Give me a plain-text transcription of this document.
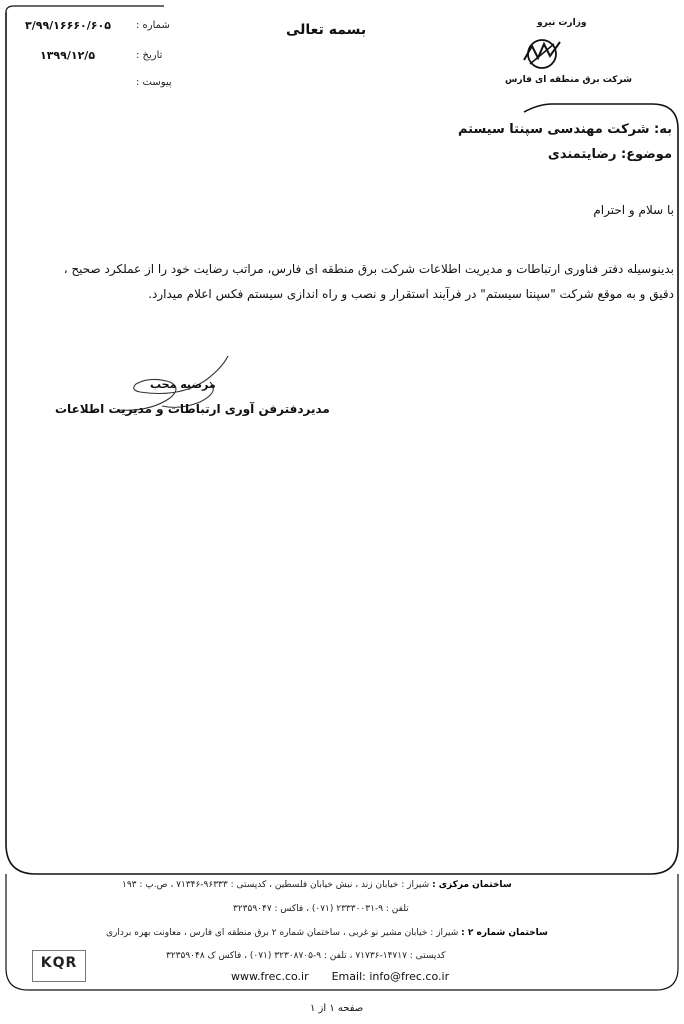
شماره :
۳/۹۹/۱۶۶۶۰/۶۰۵
تاریخ :
۱۳۹۹/۱۲/۵
پیوست :
بسمه تعالی	وزارت نیرو
شرکت برق منطقه ای فارس
به: شرکت مهندسی سپنتا سیستم
موضوع: رضایتمندی
با سلام و احترام
بدینوسیله دفتر فناوری ارتباطات و مدیریت اطلاعات شرکت برق منطقه ای فارس، مراتب رضایت خود را از عملکرد صحیح ،
دقیق و به موقع شرکت "سپنتا سیستم" در فرآیند استقرار و نصب و راه اندازی سیستم فکس اعلام میدارد.
مرضیه محب
مدیردفترفن آوری ارتباطات و مدیریت اطلاعات
ساختمان مرکزی : شیراز : خیابان زند ، نبش خیابان فلسطین ، کدپستی : ۹۶۳۳۳-۷۱۳۴۶ ، ص.پ : ۱۹۳
تلفن : ۹-۲۳۳۳۰۰۳۱ (۰۷۱) ، فاکس : ۳۲۳۵۹۰۴۷
ساختمان شماره ۲ : شیراز : خیابان مشیر نو غربی ، ساختمان شماره ۲ برق منطقه ای فارس ، معاونت بهره برداری
کدپستی : ۱۴۷۱۷-۷۱۷۳۶ ، تلفن : ۹-۳۲۳۰۸۷۰۵ (۰۷۱) ، فاکس ک ۳۲۳۵۹۰۴۸
KQR
www.frec.co.ir Email: info@frec.co.ir
صفحه ۱ از ۱
